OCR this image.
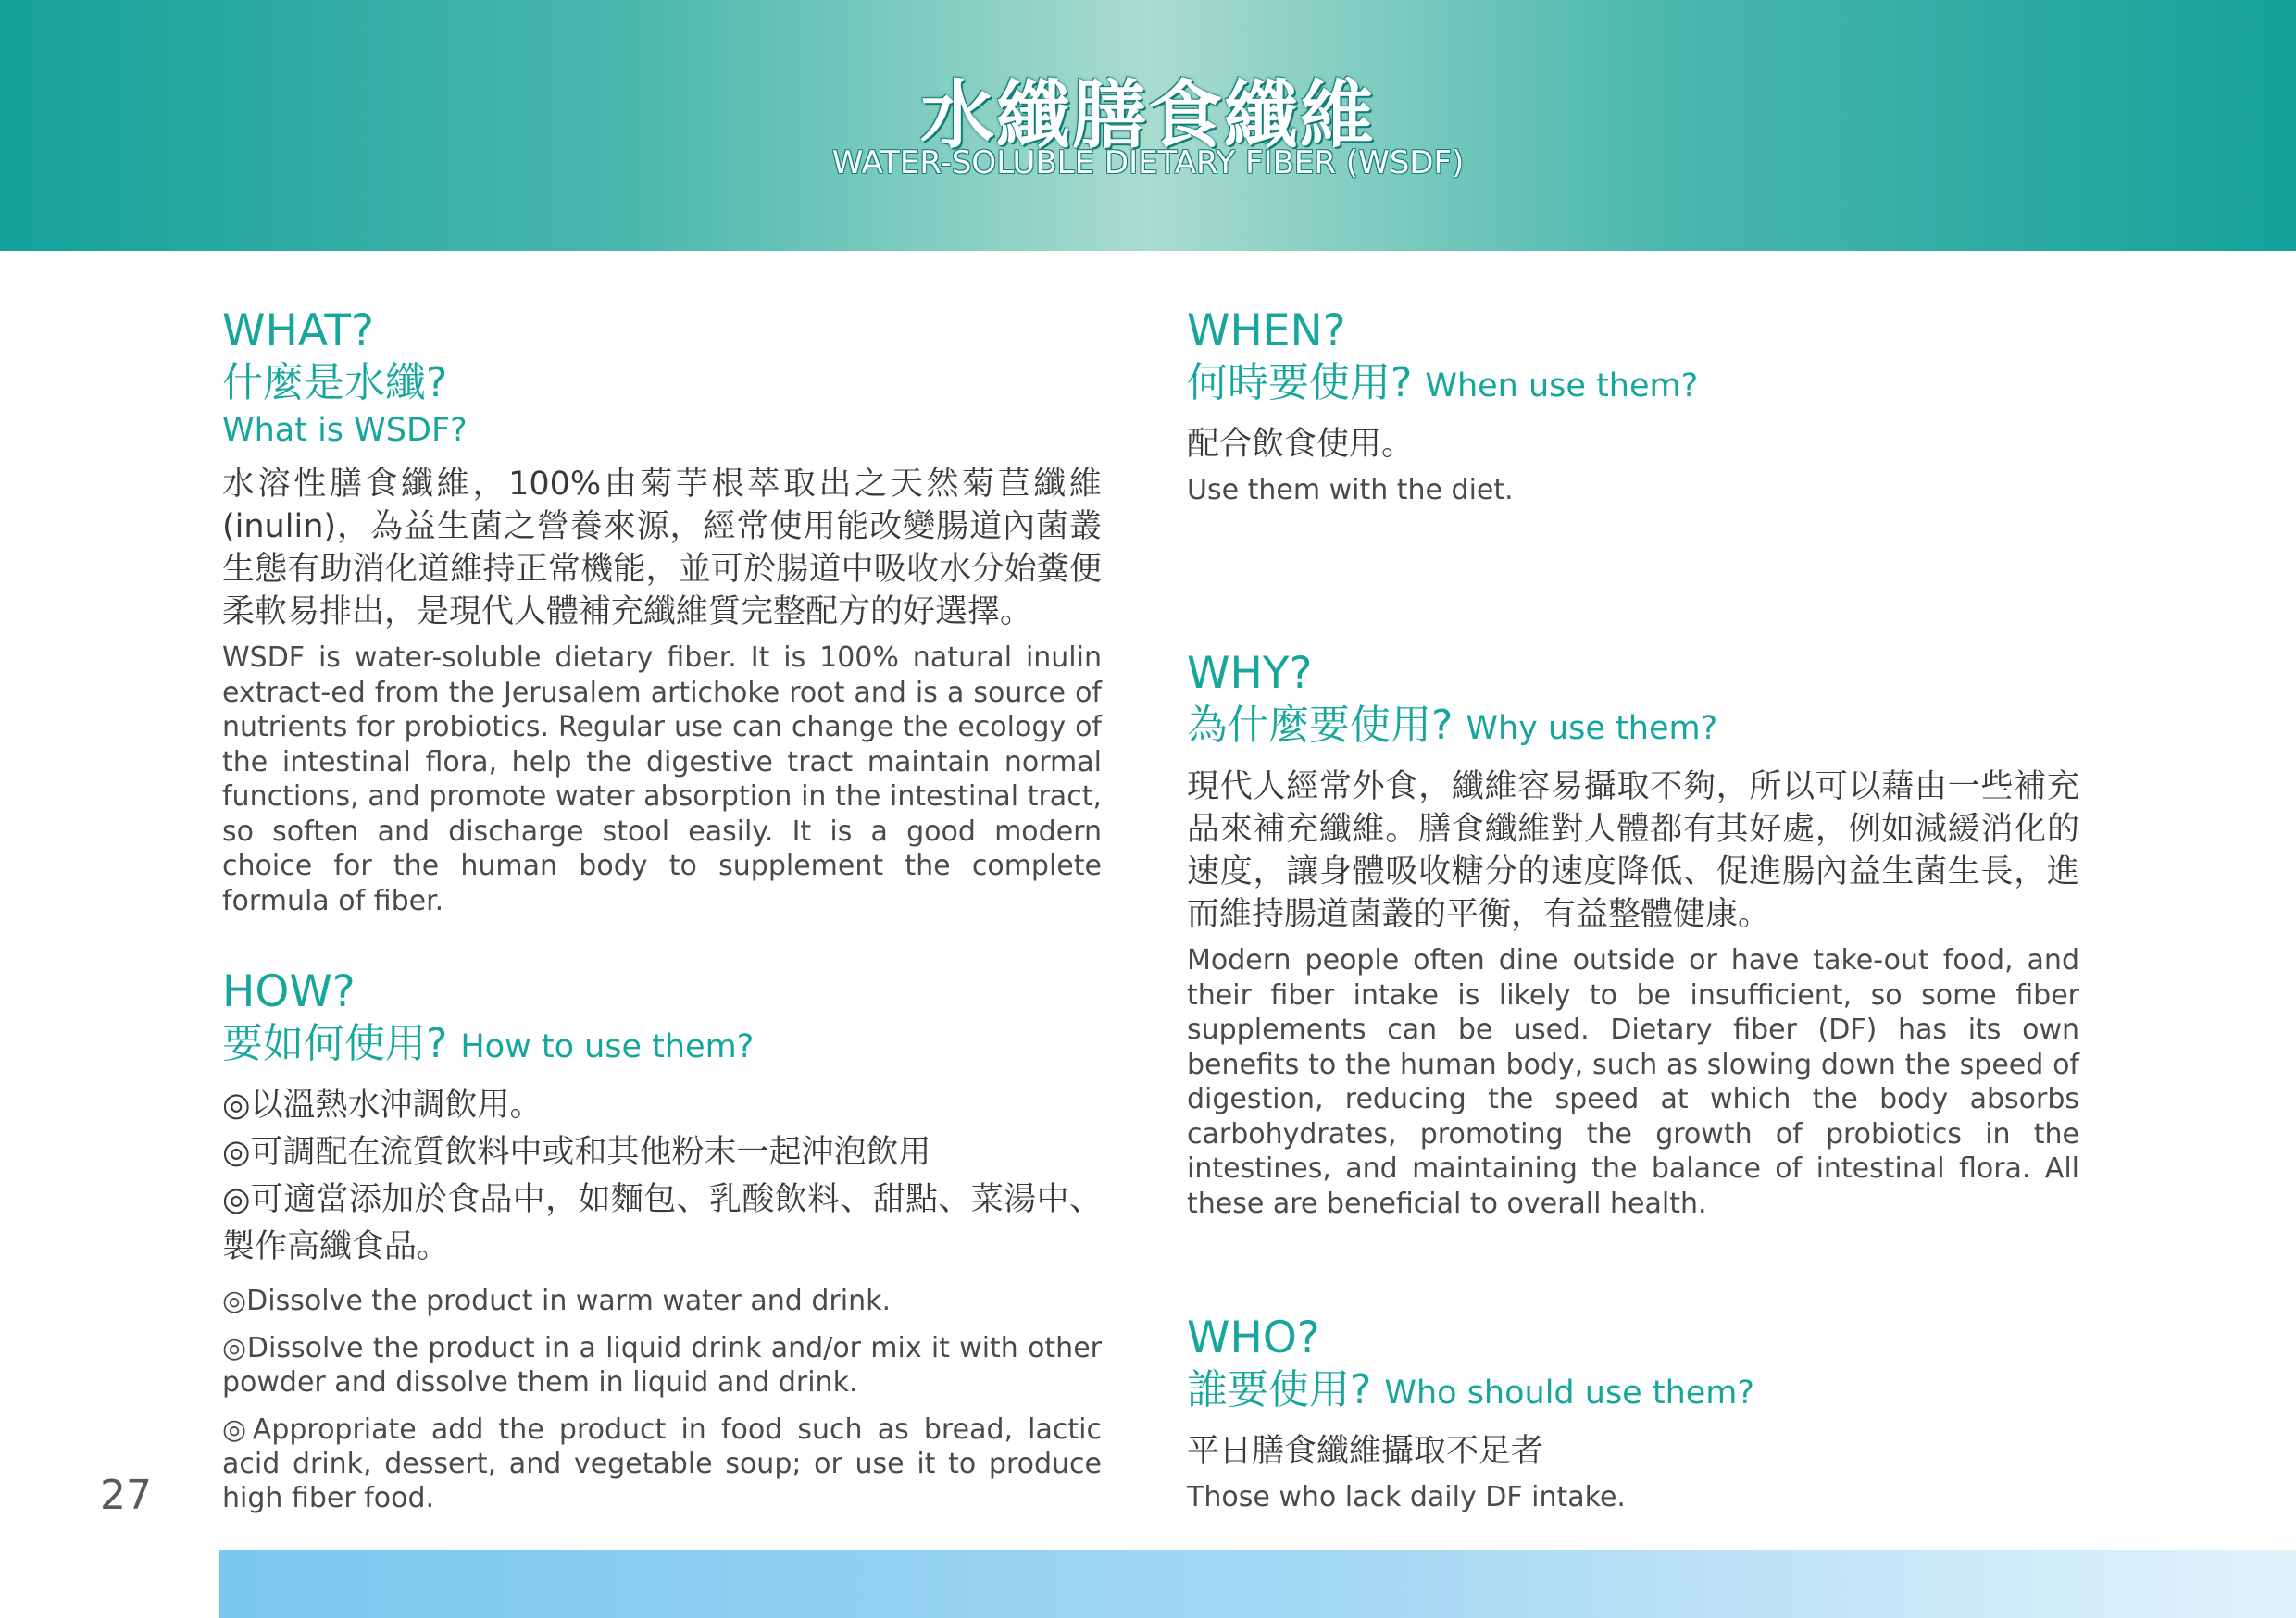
水纖膳食纖維
WATER-SOLUBLE DIETARY FIBER (WSDF)
WHAT?
什麼是水纖?
What is WSDF?
水溶性膳食纖維，100%由菊芋根萃取出之天然菊苣纖維(inulin)，為益生菌之營養來源，經常使用能改變腸道內菌叢生態有助消化道維持正常機能，並可於腸道中吸收水分始糞便柔軟易排出，是現代人體補充纖維質完整配方的好選擇。
WSDF is water-soluble dietary fiber. It is 100% natural inulin extract-ed from the Jerusalem artichoke root and is a source of nutrients for probiotics. Regular use can change the ecology of the intestinal flora, help the digestive tract maintain normal functions, and promote water absorption in the intestinal tract, so soften and discharge stool easily. It is a good modern choice for the human body to supplement the complete formula of fiber.
HOW?
要如何使用? How to use them?

◎以溫熱水沖調飲用。

◎可調配在流質飲料中或和其他粉末一起沖泡飲用

◎可適當添加於食品中，如麵包、乳酸飲料、甜點、菜湯中、製作高纖食品。

◎Dissolve the product in warm water and drink.

◎Dissolve the product in a liquid drink and/or mix it with other powder and dissolve them in liquid and drink.

◎Appropriate add the product in food such as bread, lactic acid drink, dessert, and vegetable soup; or use it to produce high fiber food.

WHEN?
何時要使用? When use them?
配合飲食使用。
Use them with the diet.
WHY?
為什麼要使用? Why use them?
現代人經常外食，纖維容易攝取不夠，所以可以藉由一些補充品來補充纖維。膳食纖維對人體都有其好處，例如減緩消化的速度，讓身體吸收糖分的速度降低、促進腸內益生菌生長，進而維持腸道菌叢的平衡，有益整體健康。
Modern people often dine outside or have take-out food, and their fiber intake is likely to be insufficient, so some fiber supplements can be used. Dietary fiber (DF) has its own benefits to the human body, such as slowing down the speed of digestion, reducing the speed at which the body absorbs carbohydrates, promoting the growth of probiotics in the intestines, and maintaining the balance of intestinal flora. All these are beneficial to overall health.
WHO?
誰要使用? Who should use them?
平日膳食纖維攝取不足者
Those who lack daily DF intake.
27
